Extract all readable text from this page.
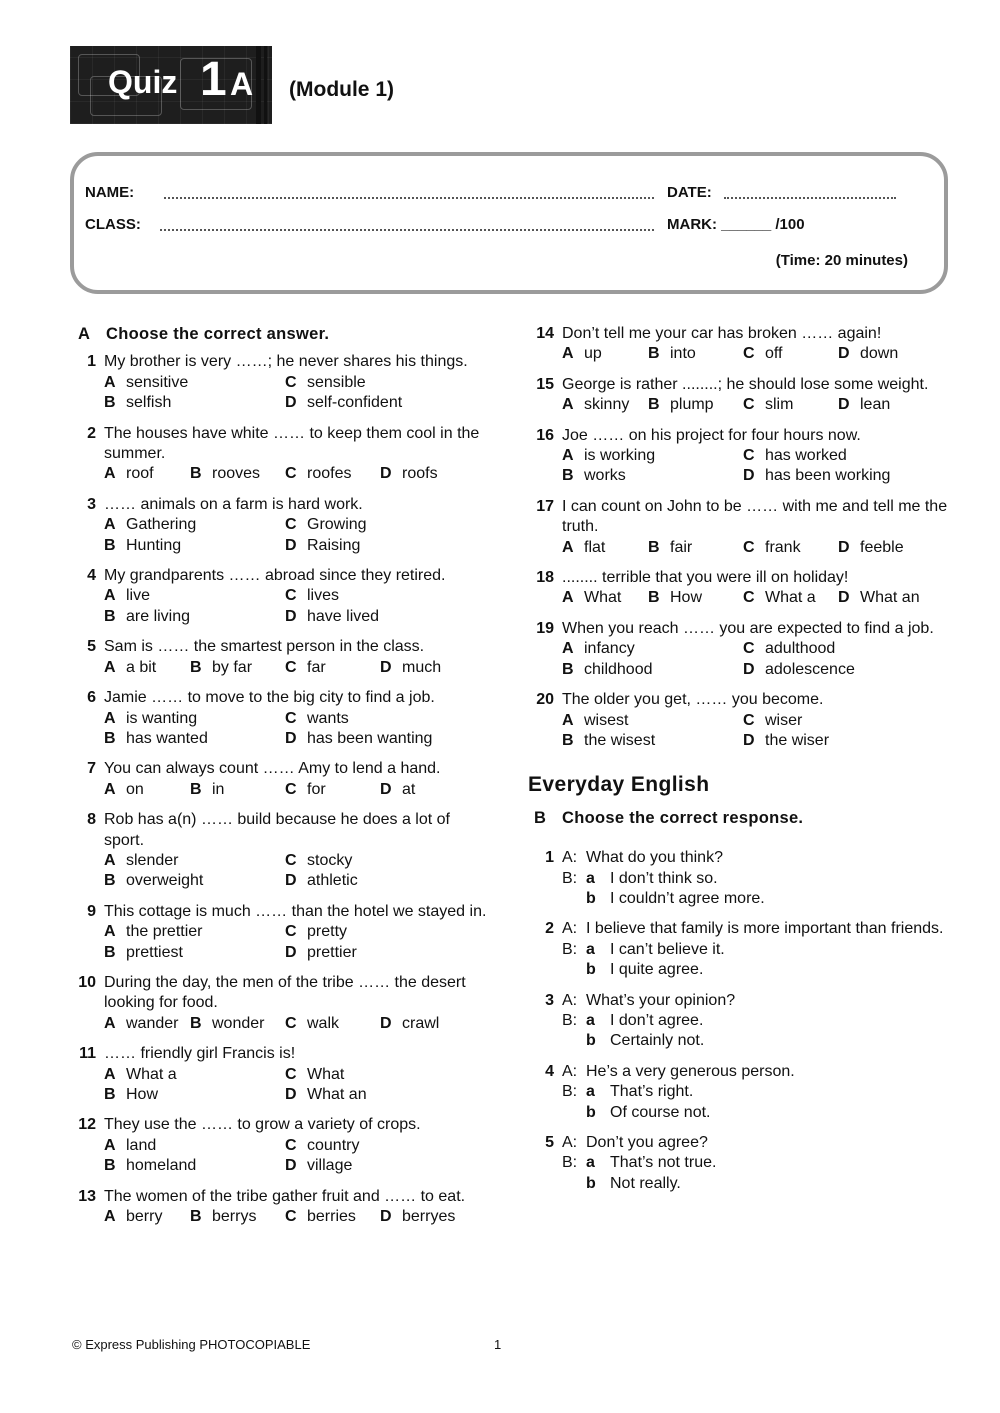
Quiz 1 A (Module 1)
NAME:	DATE:
CLASS:	MARK: ______ /100
(Time: 20 minutes)
A Choose the correct answer.
1 My brother is very ……; he never shares his things.
A sensitive	C sensible
B selfish	D self-confident
2 The houses have white …… to keep them cool in the summer.
A roof	B rooves	C roofes	D roofs
3 …… animals on a farm is hard work.
A Gathering	C Growing
B Hunting	D Raising
4 My grandparents …… abroad since they retired.
A live	C lives
B are living	D have lived
5 Sam is …… the smartest person in the class.
A a bit	B by far	C far	D much
6 Jamie …… to move to the big city to find a job.
A is wanting	C wants
B has wanted	D has been wanting
7 You can always count …… Amy to lend a hand.
A on	B in	C for	D at
8 Rob has a(n) …… build because he does a lot of sport.
A slender	C stocky
B overweight	D athletic
9 This cottage is much …… than the hotel we stayed in.
A the prettier	C pretty
B prettiest	D prettier
10 During the day, the men of the tribe …… the desert looking for food.
A wander B wonder	C walk	D crawl
11 …… friendly girl Francis is!
A What a	C What
B How	D What an
12 They use the …… to grow a variety of crops.
A land	C country
B homeland	D village
13 The women of the tribe gather fruit and …… to eat.
A berry	B berrys	C berries	D berryes
14 Don’t tell me your car has broken …… again!
A up	B into	C off	D down
15 George is rather ........; he should lose some weight.
A skinny	B plump	C slim	D lean
16 Joe …… on his project for four hours now.
A is working	C has worked
B works	D has been working
17 I can count on John to be …… with me and tell me the truth.
A flat	B fair	C frank	D feeble
18 ........ terrible that you were ill on holiday!
A What	B How	C What a	D What an
19 When you reach …… you are expected to find a job.
A infancy	C adulthood
B childhood	D adolescence
20 The older you get, …… you become.
A wisest	C wiser
B the wisest	D the wiser
Everyday English
B Choose the correct response.
1 A: What do you think?
B: a I don’t think so.
b I couldn’t agree more.
2 A: I believe that family is more important than friends.
B: a I can’t believe it.
b I quite agree.
3 A: What’s your opinion?
B: a I don’t agree.
b Certainly not.
4 A: He’s a very generous person.
B: a That’s right.
b Of course not.
5 A: Don’t you agree?
B: a That’s not true.
b Not really.
© Express Publishing PHOTOCOPIABLE	1
